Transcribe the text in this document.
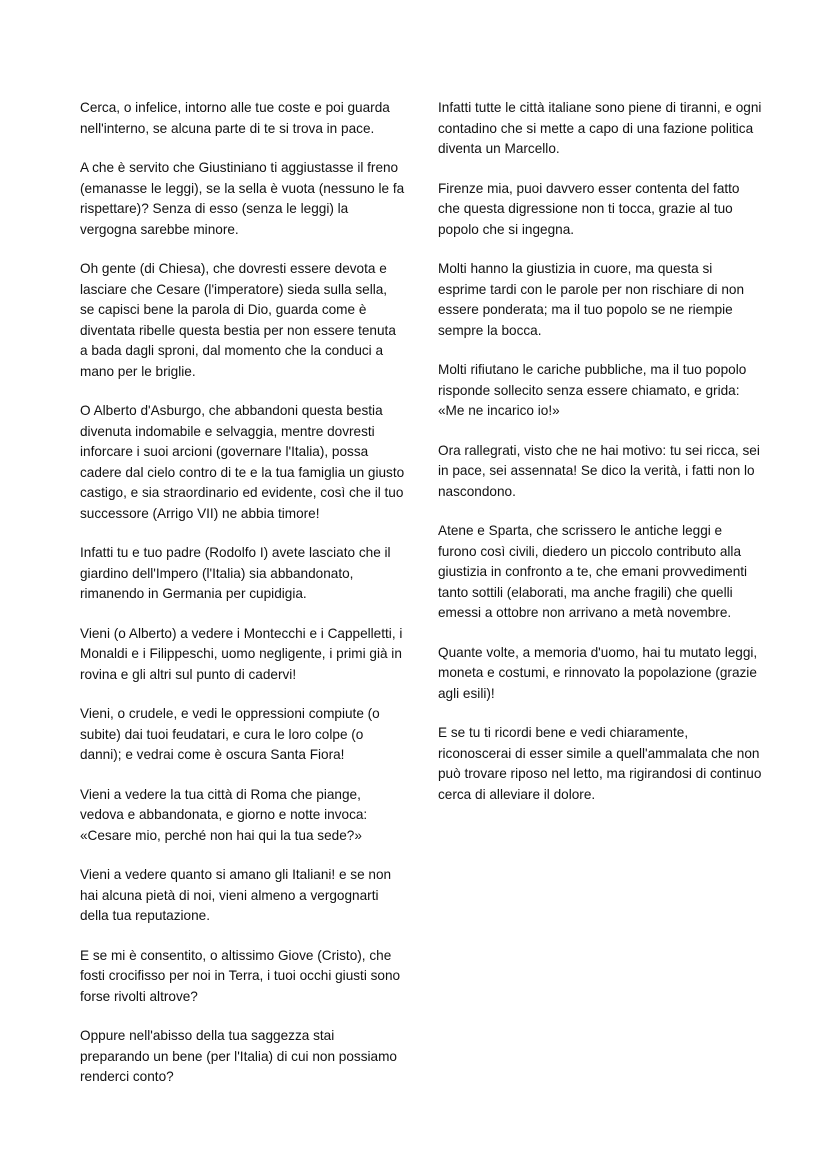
Cerca, o infelice, intorno alle tue coste e poi guarda nell'interno, se alcuna parte di te si trova in pace.

A che è servito che Giustiniano ti aggiustasse il freno (emanasse le leggi), se la sella è vuota (nessuno le fa rispettare)? Senza di esso (senza le leggi) la vergogna sarebbe minore.

Oh gente (di Chiesa), che dovresti essere devota e lasciare che Cesare (l'imperatore) sieda sulla sella, se capisci bene la parola di Dio, guarda come è diventata ribelle questa bestia per non essere tenuta a bada dagli sproni, dal momento che la conduci a mano per le briglie.

O Alberto d'Asburgo, che abbandoni questa bestia divenuta indomabile e selvaggia, mentre dovresti inforcare i suoi arcioni (governare l'Italia), possa cadere dal cielo contro di te e la tua famiglia un giusto castigo, e sia straordinario ed evidente, così che il tuo successore (Arrigo VII) ne abbia timore!

Infatti tu e tuo padre (Rodolfo I) avete lasciato che il giardino dell'Impero (l'Italia) sia abbandonato, rimanendo in Germania per cupidigia.

Vieni (o Alberto) a vedere i Montecchi e i Cappelletti, i Monaldi e i Filippeschi, uomo negligente, i primi già in rovina e gli altri sul punto di cadervi!

Vieni, o crudele, e vedi le oppressioni compiute (o subite) dai tuoi feudatari, e cura le loro colpe (o danni); e vedrai come è oscura Santa Fiora!

Vieni a vedere la tua città di Roma che piange, vedova e abbandonata, e giorno e notte invoca: «Cesare mio, perché non hai qui la tua sede?»

Vieni a vedere quanto si amano gli Italiani! e se non hai alcuna pietà di noi, vieni almeno a vergognarti della tua reputazione.

E se mi è consentito, o altissimo Giove (Cristo), che fosti crocifisso per noi in Terra, i tuoi occhi giusti sono forse rivolti altrove?

Oppure nell'abisso della tua saggezza stai preparando un bene (per l'Italia) di cui non possiamo renderci conto?

Infatti tutte le città italiane sono piene di tiranni, e ogni contadino che si mette a capo di una fazione politica diventa un Marcello.

Firenze mia, puoi davvero esser contenta del fatto che questa digressione non ti tocca, grazie al tuo popolo che si ingegna.

Molti hanno la giustizia in cuore, ma questa si esprime tardi con le parole per non rischiare di non essere ponderata; ma il tuo popolo se ne riempie sempre la bocca.

Molti rifiutano le cariche pubbliche, ma il tuo popolo risponde sollecito senza essere chiamato, e grida: «Me ne incarico io!»

Ora rallegrati, visto che ne hai motivo: tu sei ricca, sei in pace, sei assennata! Se dico la verità, i fatti non lo nascondono.

Atene e Sparta, che scrissero le antiche leggi e furono così civili, diedero un piccolo contributo alla giustizia in confronto a te, che emani provvedimenti tanto sottili (elaborati, ma anche fragili) che quelli emessi a ottobre non arrivano a metà novembre.

Quante volte, a memoria d'uomo, hai tu mutato leggi, moneta e costumi, e rinnovato la popolazione (grazie agli esili)!

E se tu ti ricordi bene e vedi chiaramente, riconoscerai di esser simile a quell'ammalata che non può trovare riposo nel letto, ma rigirandosi di continuo cerca di alleviare il dolore.
